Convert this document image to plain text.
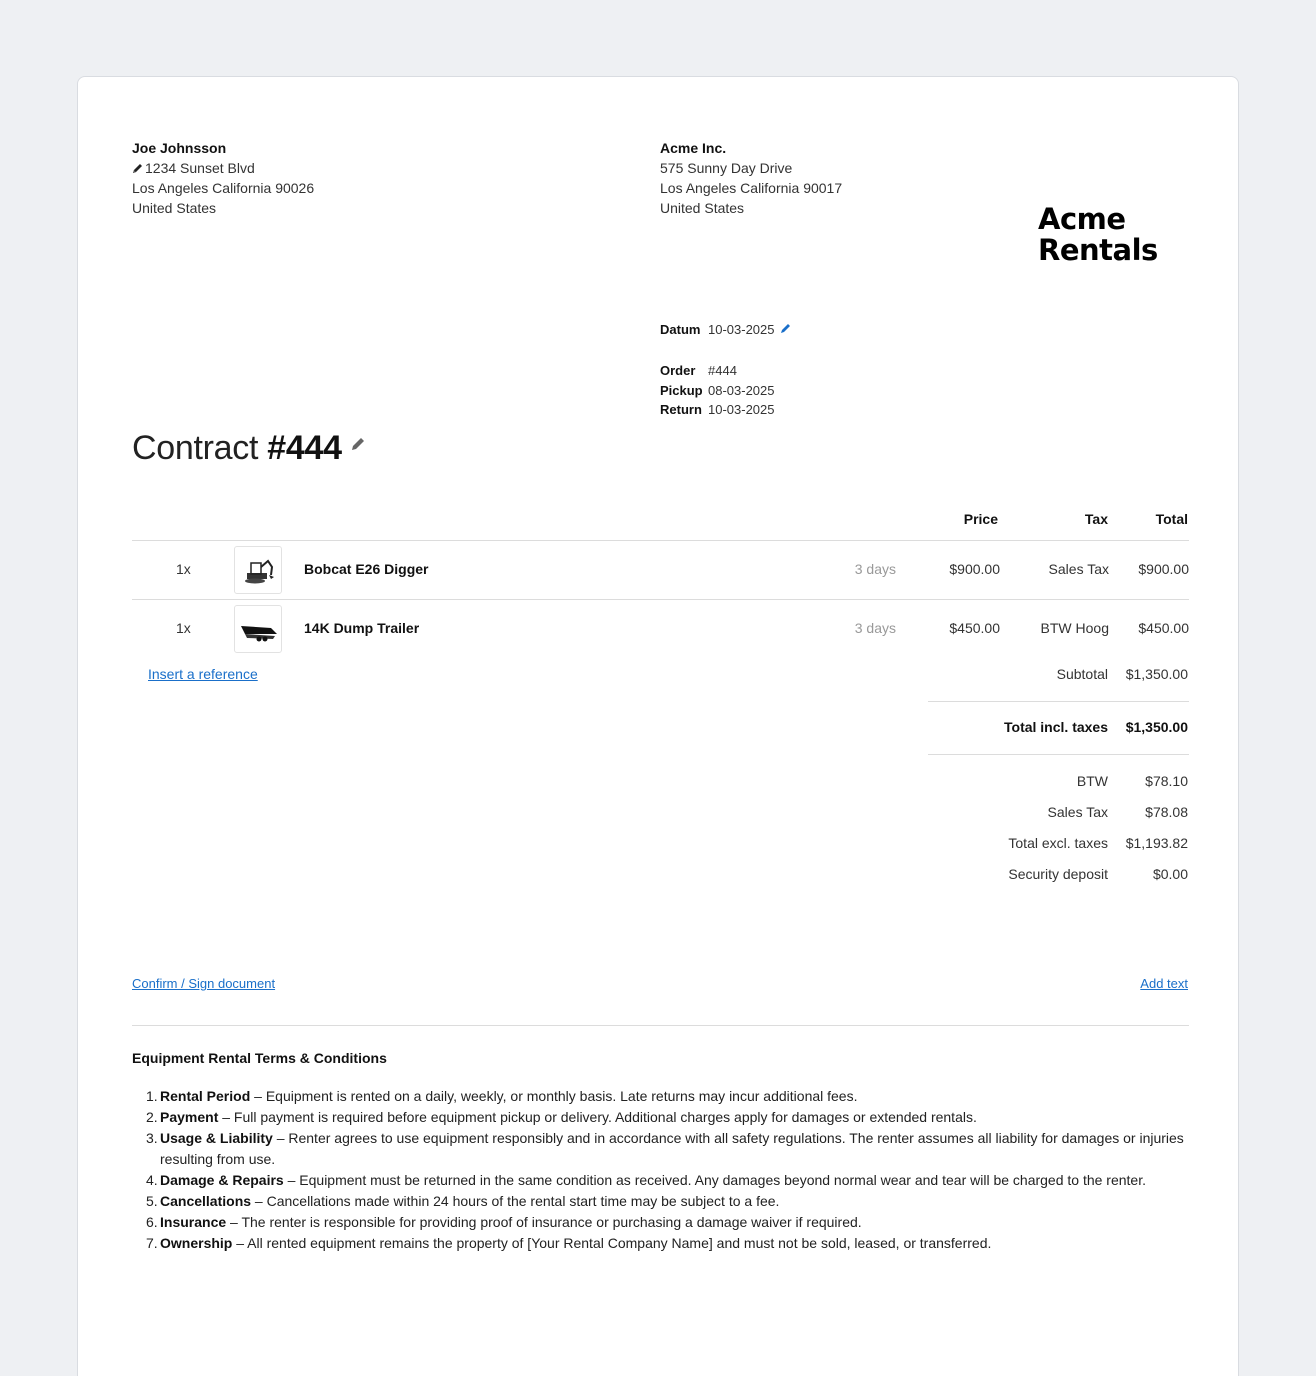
Joe Johnsson
1234 Sunset Blvd
Los Angeles California 90026
United States
Acme Inc.
575 Sunny Day Drive
Los Angeles California 90017
United States	Acme
Rentals
Datum 10-03-2025
Order #444
Pickup 08-03-2025
Return 10-03-2025
Contract #444
Price	Tax	Total
1x	Bobcat E26 Digger	3 days	$900.00	Sales Tax $900.00
1x	14K Dump Trailer	3 days	$450.00	BTW Hoog $450.00
Insert a reference	Subtotal $1,350.00
Total incl. taxes $1,350.00
BTW	$78.10
Sales Tax	$78.08
Total excl. taxes $1,193.82
Security deposit	$0.00
Confirm / Sign document	Add text
Equipment Rental Terms & Conditions
1. Rental Period – Equipment is rented on a daily, weekly, or monthly basis. Late returns may incur additional fees.
2. Payment – Full payment is required before equipment pickup or delivery. Additional charges apply for damages or extended rentals.
3. Usage & Liability – Renter agrees to use equipment responsibly and in accordance with all safety regulations. The renter assumes all liability for damages or injuries resulting from use.
4. Damage & Repairs – Equipment must be returned in the same condition as received. Any damages beyond normal wear and tear will be charged to the renter.
5. Cancellations – Cancellations made within 24 hours of the rental start time may be subject to a fee.
6. Insurance – The renter is responsible for providing proof of insurance or purchasing a damage waiver if required.
7. Ownership – All rented equipment remains the property of [Your Rental Company Name] and must not be sold, leased, or transferred.
